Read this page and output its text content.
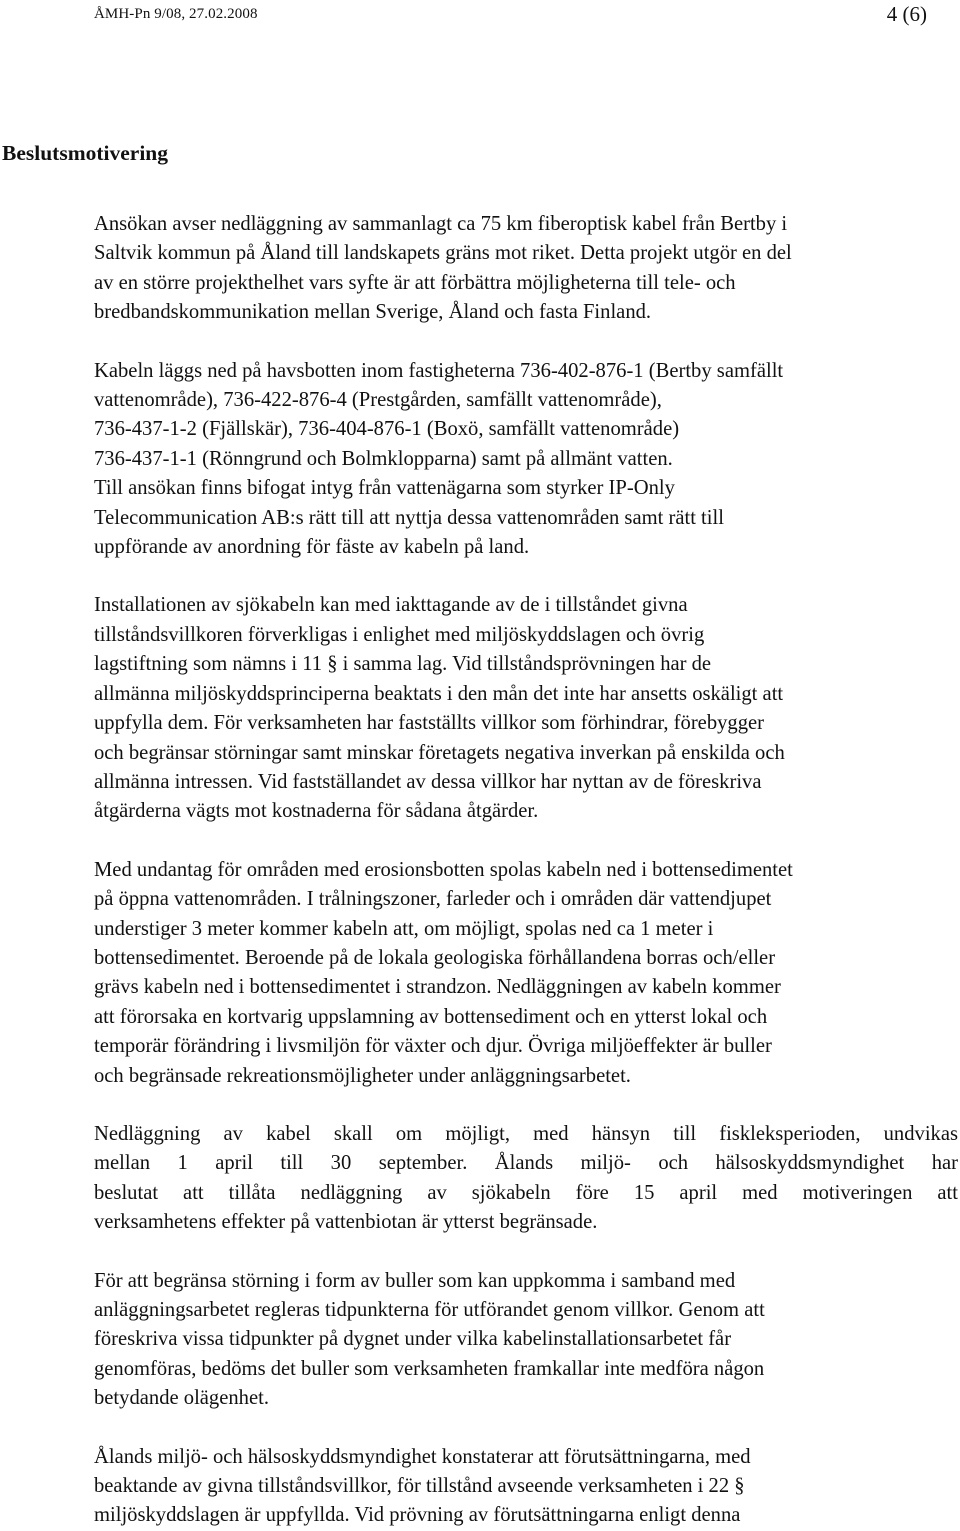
ÅMH-Pn 9/08, 27.02.2008	4 (6)
Beslutsmotivering

Ansökan avser nedläggning av sammanlagt ca 75 km fiberoptisk kabel från Bertby i
Saltvik kommun på Åland till landskapets gräns mot riket. Detta projekt utgör en del
av en större projekthelhet vars syfte är att förbättra möjligheterna till tele- och
bredbandskommunikation mellan Sverige, Åland och fasta Finland.

Kabeln läggs ned på havsbotten inom fastigheterna 736-402-876-1 (Bertby samfällt
vattenområde), 736-422-876-4 (Prestgården, samfällt vattenområde),
736-437-1-2 (Fjällskär), 736-404-876-1 (Boxö, samfällt vattenområde)
736-437-1-1 (Rönngrund och Bolmklopparna) samt på allmänt vatten.
Till ansökan finns bifogat intyg från vattenägarna som styrker IP-Only
Telecommunication AB:s rätt till att nyttja dessa vattenområden samt rätt till
uppförande av anordning för fäste av kabeln på land.

Installationen av sjökabeln kan med iakttagande av de i tillståndet givna
tillståndsvillkoren förverkligas i enlighet med miljöskyddslagen och övrig
lagstiftning som nämns i 11 § i samma lag. Vid tillståndsprövningen har de
allmänna miljöskyddsprinciperna beaktats i den mån det inte har ansetts oskäligt att
uppfylla dem. För verksamheten har fastställts villkor som förhindrar, förebygger
och begränsar störningar samt minskar företagets negativa inverkan på enskilda och
allmänna intressen. Vid fastställandet av dessa villkor har nyttan av de föreskriva
åtgärderna vägts mot kostnaderna för sådana åtgärder.

Med undantag för områden med erosionsbotten spolas kabeln ned i bottensedimentet
på öppna vattenområden. I trålningszoner, farleder och i områden där vattendjupet
understiger 3 meter kommer kabeln att, om möjligt, spolas ned ca 1 meter i
bottensedimentet. Beroende på de lokala geologiska förhållandena borras och/eller
grävs kabeln ned i bottensedimentet i strandzon. Nedläggningen av kabeln kommer
att förorsaka en kortvarig uppslamning av bottensediment och en ytterst lokal och
temporär förändring i livsmiljön för växter och djur. Övriga miljöeffekter är buller
och begränsade rekreationsmöjligheter under anläggningsarbetet.

Nedläggning av kabel skall om möjligt, med hänsyn till fiskleksperioden, undvikas
mellan 1 april till 30 september. Ålands miljö- och hälsoskyddsmyndighet har
beslutat att tillåta nedläggning av sjökabeln före 15 april med motiveringen att
verksamhetens effekter på vattenbiotan är ytterst begränsade.

För att begränsa störning i form av buller som kan uppkomma i samband med
anläggningsarbetet regleras tidpunkterna för utförandet genom villkor. Genom att
föreskriva vissa tidpunkter på dygnet under vilka kabelinstallationsarbetet får
genomföras, bedöms det buller som verksamheten framkallar inte medföra någon
betydande olägenhet.

Ålands miljö- och hälsoskyddsmyndighet konstaterar att förutsättningarna, med
beaktande av givna tillståndsvillkor, för tillstånd avseende verksamheten i 22 §
miljöskyddslagen är uppfyllda. Vid prövning av förutsättningarna enligt denna
